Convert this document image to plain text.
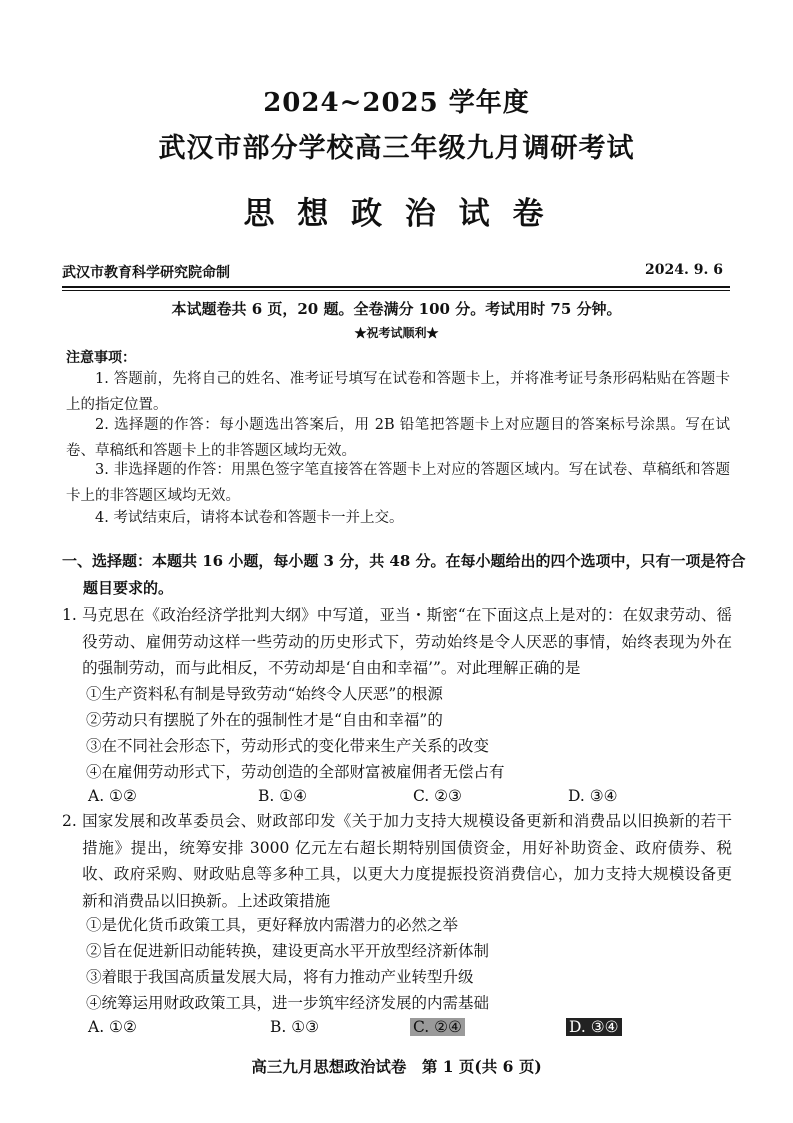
2024~2025 学年度
武汉市部分学校高三年级九月调研考试
思 想 政 治 试 卷
武汉市教育科学研究院命制	2024. 9. 6
本试题卷共 6 页，20 题。全卷满分 100 分。考试用时 75 分钟。
★祝考试顺利★
注意事项：
1. 答题前，先将自己的姓名、准考证号填写在试卷和答题卡上，并将准考证号条形码粘贴在答题卡上的指定位置。
2. 选择题的作答：每小题选出答案后，用 2B 铅笔把答题卡上对应题目的答案标号涂黑。写在试卷、草稿纸和答题卡上的非答题区域均无效。
3. 非选择题的作答：用黑色签字笔直接答在答题卡上对应的答题区域内。写在试卷、草稿纸和答题卡上的非答题区域均无效。
4. 考试结束后，请将本试卷和答题卡一并上交。
一、选择题：本题共 16 小题，每小题 3 分，共 48 分。在每小题给出的四个选项中，只有一项是符合题目要求的。
1. 马克思在《政治经济学批判大纲》中写道，亚当・斯密“在下面这点上是对的：在奴隶劳动、徭役劳动、雇佣劳动这样一些劳动的历史形式下，劳动始终是令人厌恶的事情，始终表现为外在的强制劳动，而与此相反，不劳动却是‘自由和幸福’”。对此理解正确的是
①生产资料私有制是导致劳动“始终令人厌恶”的根源
②劳动只有摆脱了外在的强制性才是“自由和幸福”的
③在不同社会形态下，劳动形式的变化带来生产关系的改变
④在雇佣劳动形式下，劳动创造的全部财富被雇佣者无偿占有
A. ①②	B. ①④	C. ②③	D. ③④
2. 国家发展和改革委员会、财政部印发《关于加力支持大规模设备更新和消费品以旧换新的若干措施》提出，统筹安排 3000 亿元左右超长期特别国债资金，用好补助资金、政府债券、税收、政府采购、财政贴息等多种工具，以更大力度提振投资消费信心，加力支持大规模设备更新和消费品以旧换新。上述政策措施
①是优化货币政策工具，更好释放内需潜力的必然之举
②旨在促进新旧动能转换，建设更高水平开放型经济新体制
③着眼于我国高质量发展大局，将有力推动产业转型升级
④统筹运用财政政策工具，进一步筑牢经济发展的内需基础
A. ①②	B. ①③	C. ②④	D. ③④
高三九月思想政治试卷　第 1 页(共 6 页)
